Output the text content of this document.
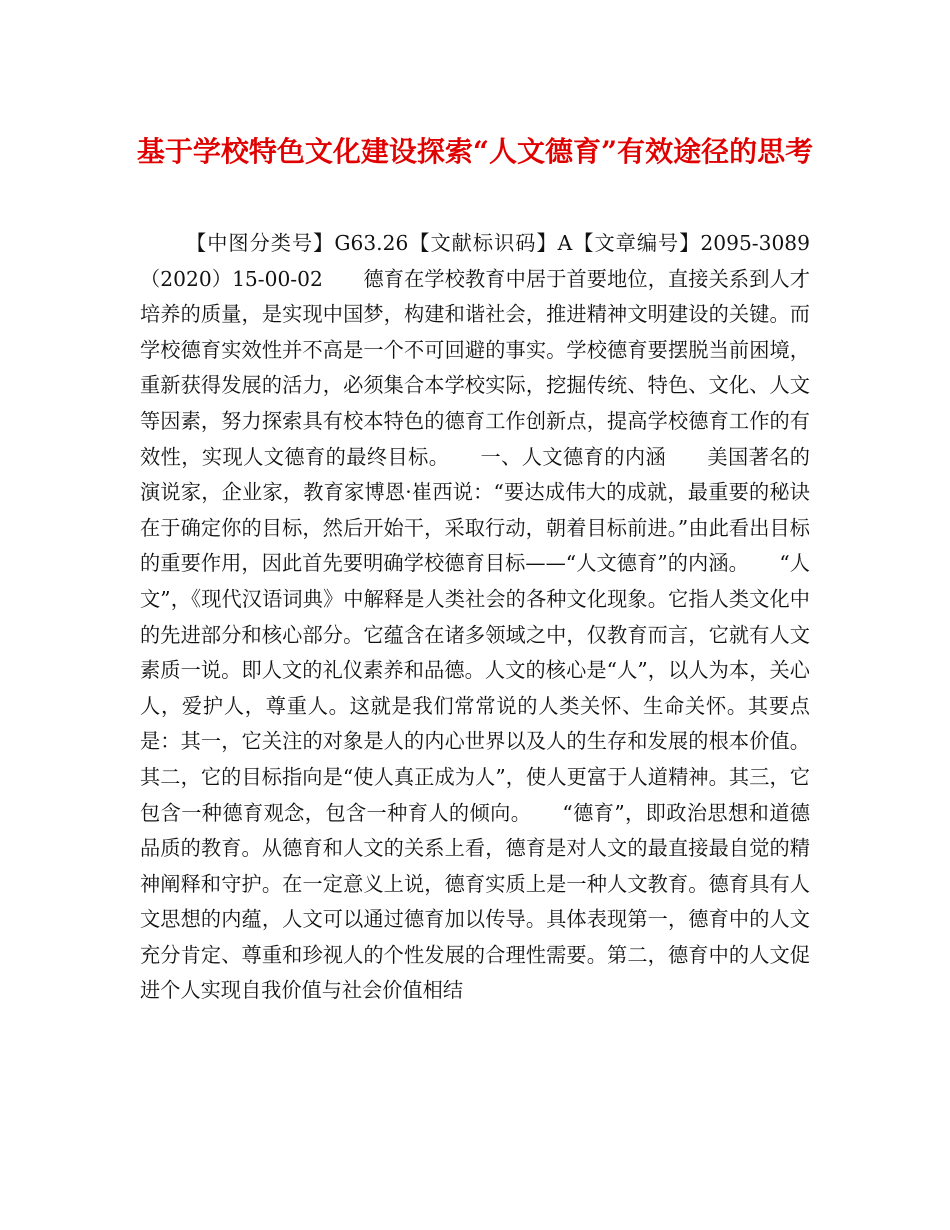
基于学校特色文化建设探索“人文德育”有效途径的思考

【中图分类号】G63.26【文献标识码】A【文章编号】2095-3089（2020）15-00-02　　德育在学校教育中居于首要地位，直接关系到人才培养的质量，是实现中国梦，构建和谐社会，推进精神文明建设的关键。而学校德育实效性并不高是一个不可回避的事实。学校德育要摆脱当前困境，重新获得发展的活力，必须集合本学校实际，挖掘传统、特色、文化、人文等因素，努力探索具有校本特色的德育工作创新点，提高学校德育工作的有效性，实现人文德育的最终目标。　　一、人文德育的内涵　　美国著名的演说家，企业家，教育家博恩·崔西说：“要达成伟大的成就，最重要的秘诀在于确定你的目标，然后开始干，采取行动，朝着目标前进。”由此看出目标的重要作用，因此首先要明确学校德育目标——“人文德育”的内涵。　　“人文”，《现代汉语词典》中解释是人类社会的各种文化现象。它指人类文化中的先进部分和核心部分。它蕴含在诸多领域之中，仅教育而言，它就有人文素质一说。即人文的礼仪素养和品德。人文的核心是“人”，以人为本，关心人，爱护人，尊重人。这就是我们常常说的人类关怀、生命关怀。其要点是：其一，它关注的对象是人的内心世界以及人的生存和发展的根本价值。其二，它的目标指向是“使人真正成为人”，使人更富于人道精神。其三，它包含一种德育观念，包含一种育人的倾向。　　“德育”，即政治思想和道德品质的教育。从德育和人文的关系上看，德育是对人文的最直接最自觉的精神阐释和守护。在一定意义上说，德育实质上是一种人文教育。德育具有人文思想的内蕴，人文可以通过德育加以传导。具体表现第一，德育中的人文充分肯定、尊重和珍视人的个性发展的合理性需要。第二，德育中的人文促进个人实现自我价值与社会价值相结
